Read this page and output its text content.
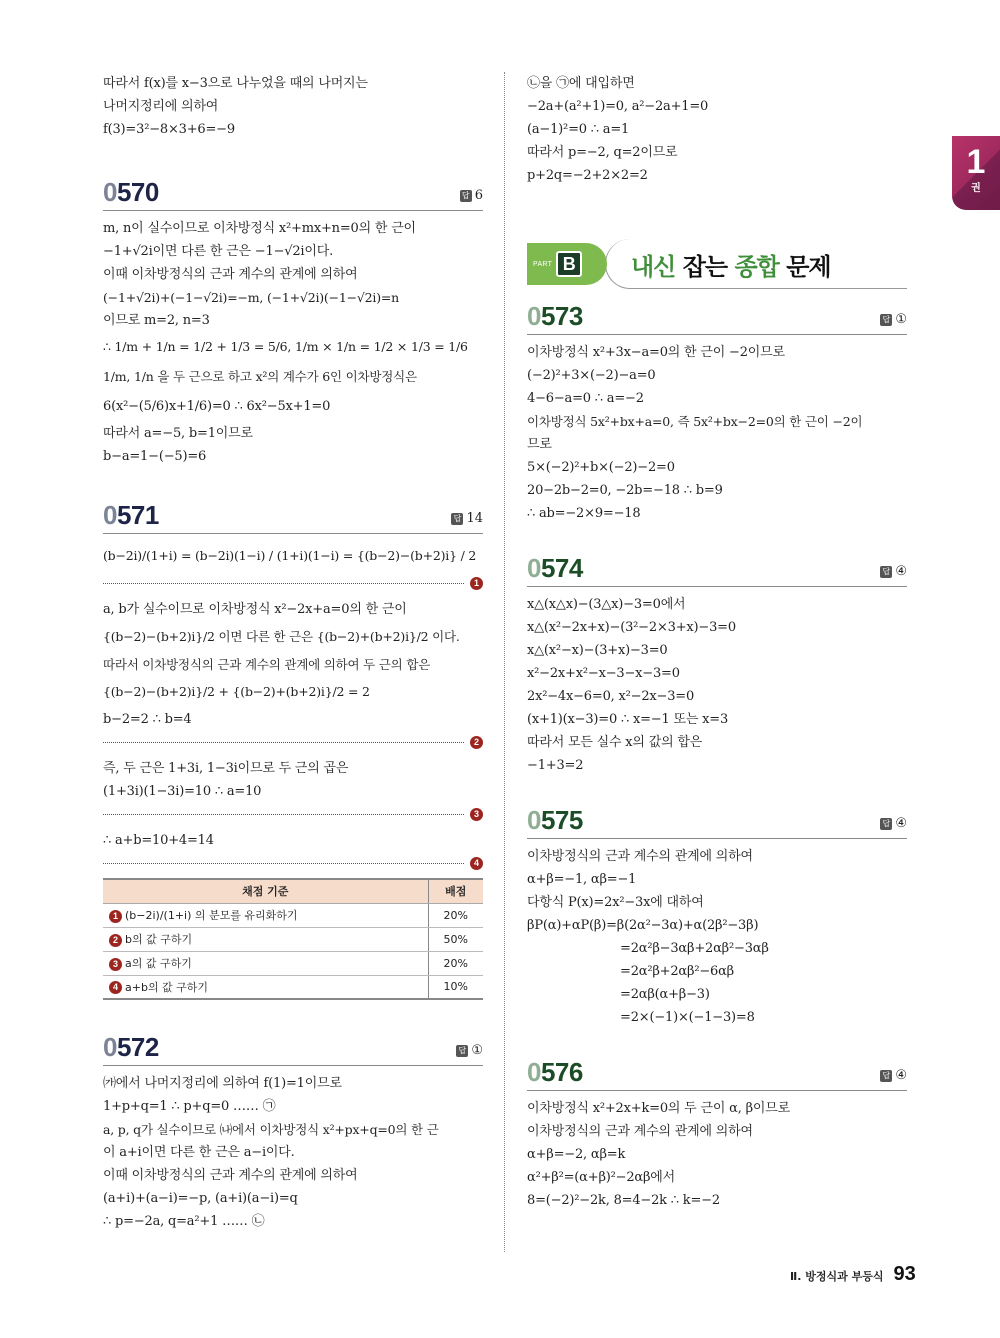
1
권
따라서 f(x)를 x−3으로 나누었을 때의 나머지는
나머지정리에 의하여
f(3)=3²−8×3+6=−9
0570	답 6
m, n이 실수이므로 이차방정식 x²+mx+n=0의 한 근이
−1+√2i이면 다른 한 근은 −1−√2i이다.
이때 이차방정식의 근과 계수의 관계에 의하여
(−1+√2i)+(−1−√2i)=−m, (−1+√2i)(−1−√2i)=n
이므로 m=2, n=3
∴ 1/m + 1/n = 1/2 + 1/3 = 5/6, 1/m × 1/n = 1/2 × 1/3 = 1/6
1/m, 1/n 을 두 근으로 하고 x²의 계수가 6인 이차방정식은
6(x²−(5/6)x+1/6)=0 ∴ 6x²−5x+1=0
따라서 a=−5, b=1이므로
b−a=1−(−5)=6
0571	답 14
(b−2i)/(1+i) = (b−2i)(1−i) / (1+i)(1−i) = {(b−2)−(b+2)i} / 2
1
a, b가 실수이므로 이차방정식 x²−2x+a=0의 한 근이
{(b−2)−(b+2)i}/2 이면 다른 한 근은 {(b−2)+(b+2)i}/2 이다.
따라서 이차방정식의 근과 계수의 관계에 의하여 두 근의 합은
{(b−2)−(b+2)i}/2 + {(b−2)+(b+2)i}/2 = 2
b−2=2 ∴ b=4
2
즉, 두 근은 1+3i, 1−3i이므로 두 근의 곱은
(1+3i)(1−3i)=10 ∴ a=10
3
∴ a+b=10+4=14
4
채점 기준	배점
1 (b−2i)/(1+i) 의 분모를 유리화하기	20%
2 b의 값 구하기	50%
3 a의 값 구하기	20%
4 a+b의 값 구하기	10%
0572	답 ①
㈎에서 나머지정리에 의하여 f(1)=1이므로
1+p+q=1 ∴ p+q=0 …… ㉠
a, p, q가 실수이므로 ㈏에서 이차방정식 x²+px+q=0의 한 근
이 a+i이면 다른 한 근은 a−i이다.
이때 이차방정식의 근과 계수의 관계에 의하여
(a+i)+(a−i)=−p, (a+i)(a−i)=q
∴ p=−2a, q=a²+1 …… ㉡
㉡을 ㉠에 대입하면
−2a+(a²+1)=0, a²−2a+1=0
(a−1)²=0 ∴ a=1
따라서 p=−2, q=2이므로
p+2q=−2+2×2=2
PART B 내신 잡는 종합 문제
0573	답 ①
이차방정식 x²+3x−a=0의 한 근이 −2이므로
(−2)²+3×(−2)−a=0
4−6−a=0 ∴ a=−2
이차방정식 5x²+bx+a=0, 즉 5x²+bx−2=0의 한 근이 −2이
므로
5×(−2)²+b×(−2)−2=0
20−2b−2=0, −2b=−18 ∴ b=9
∴ ab=−2×9=−18
0574	답 ④
x△(x△x)−(3△x)−3=0에서
x△(x²−2x+x)−(3²−2×3+x)−3=0
x△(x²−x)−(3+x)−3=0
x²−2x+x²−x−3−x−3=0
2x²−4x−6=0, x²−2x−3=0
(x+1)(x−3)=0 ∴ x=−1 또는 x=3
따라서 모든 실수 x의 값의 합은
−1+3=2
0575	답 ④
이차방정식의 근과 계수의 관계에 의하여
α+β=−1, αβ=−1
다항식 P(x)=2x²−3x에 대하여
βP(α)+αP(β)=β(2α²−3α)+α(2β²−3β)
=2α²β−3αβ+2αβ²−3αβ
=2α²β+2αβ²−6αβ
=2αβ(α+β−3)
=2×(−1)×(−1−3)=8
0576	답 ④
이차방정식 x²+2x+k=0의 두 근이 α, β이므로
이차방정식의 근과 계수의 관계에 의하여
α+β=−2, αβ=k
α²+β²=(α+β)²−2αβ에서
8=(−2)²−2k, 8=4−2k ∴ k=−2
Ⅱ. 방정식과 부등식 93
